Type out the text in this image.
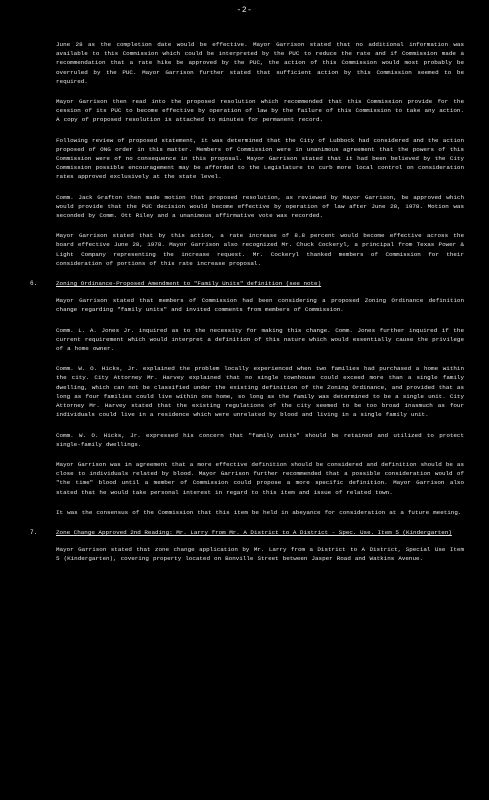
-2-

June 28 as the completion date would be effective. Mayor Garrison stated that no additional information was available to this Commission which could be interpreted by the PUC to reduce the rate and if Commission made a recommendation that a rate hike be approved by the PUC, the action of this Commission would most probably be overruled by the PUC. Mayor Garrison further stated that sufficient action by this Commission seemed to be required.

Mayor Garrison then read into the proposed resolution which recommended that this Commission provide for the cession of its PUC to become effective by operation of law by the failure of this Commission to take any action. A copy of proposed resolution is attached to minutes for permanent record.

Following review of proposed statement, it was determined that the City of Lubbock had considered and the action proposed of ONG order in this matter. Members of Commission were in unanimous agreement that the powers of this Commission were of no consequence in this proposal. Mayor Garrison stated that it had been believed by the City Commission possible encouragement may be afforded to the Legislature to curb more local control on consideration rates approved exclusively at the state level.

Comm. Jack Grafton then made motion that proposed resolution, as reviewed by Mayor Garrison, be approved which would provide that the PUC decision would become effective by operation of law after June 28, 1978. Motion was seconded by Comm. Ott Riley and a unanimous affirmative vote was recorded.

Mayor Garrison stated that by this action, a rate increase of 8.8 percent would become effective across the board effective June 28, 1978. Mayor Garrison also recognized Mr. Chuck Cockeryl, a principal from Texas Power & Light Company representing the increase request. Mr. Cockeryl thanked members of Commission for their consideration of portions of this rate increase proposal.

6.	Zoning Ordinance-Proposed Amendment to "Family Units" definition (see note)

Mayor Garrison stated that members of Commission had been considering a proposed Zoning Ordinance definition change regarding "family units" and invited comments from members of Commission.

Comm. L. A. Jones Jr. inquired as to the necessity for making this change. Comm. Jones further inquired if the current requirement which would interpret a definition of this nature which would essentially cause the privilege of a home owner.

Comm. W. O. Hicks, Jr. explained the problem locally experienced when two families had purchased a home within the city. City Attorney Mr. Harvey explained that no single townhouse could exceed more than a single family dwelling, which can not be classified under the existing definition of the Zoning Ordinance, and provided that as long as four families could live within one home, so long as the family was determined to be a single unit. City Attorney Mr. Harvey stated that the existing regulations of the city seemed to be too broad inasmuch as four individuals could live in a residence which were unrelated by blood and living in a single family unit.

Comm. W. O. Hicks, Jr. expressed his concern that "family units" should be retained and utilized to protect single-family dwellings.

Mayor Garrison was in agreement that a more effective definition should be considered and definition should be as close to individuals related by blood. Mayor Garrison further recommended that a possible consideration would of "the time" blood until a member of Commission could propose a more specific definition. Mayor Garrison also stated that he would take personal interest in regard to this item and issue of related town.

It was the consensus of the Commission that this item be held in abeyance for consideration at a future meeting.

7.	Zone Change Approved 2nd Reading: Mr. Larry from Mr. A District to A District - Spec. Use. Item 5 (Kindergarten)

Mayor Garrison stated that zone change application by Mr. Larry from a District to A District, Special Use Item 5 (Kindergarten), covering property located on Bonville Street between Jasper Road and Watkins Avenue.
